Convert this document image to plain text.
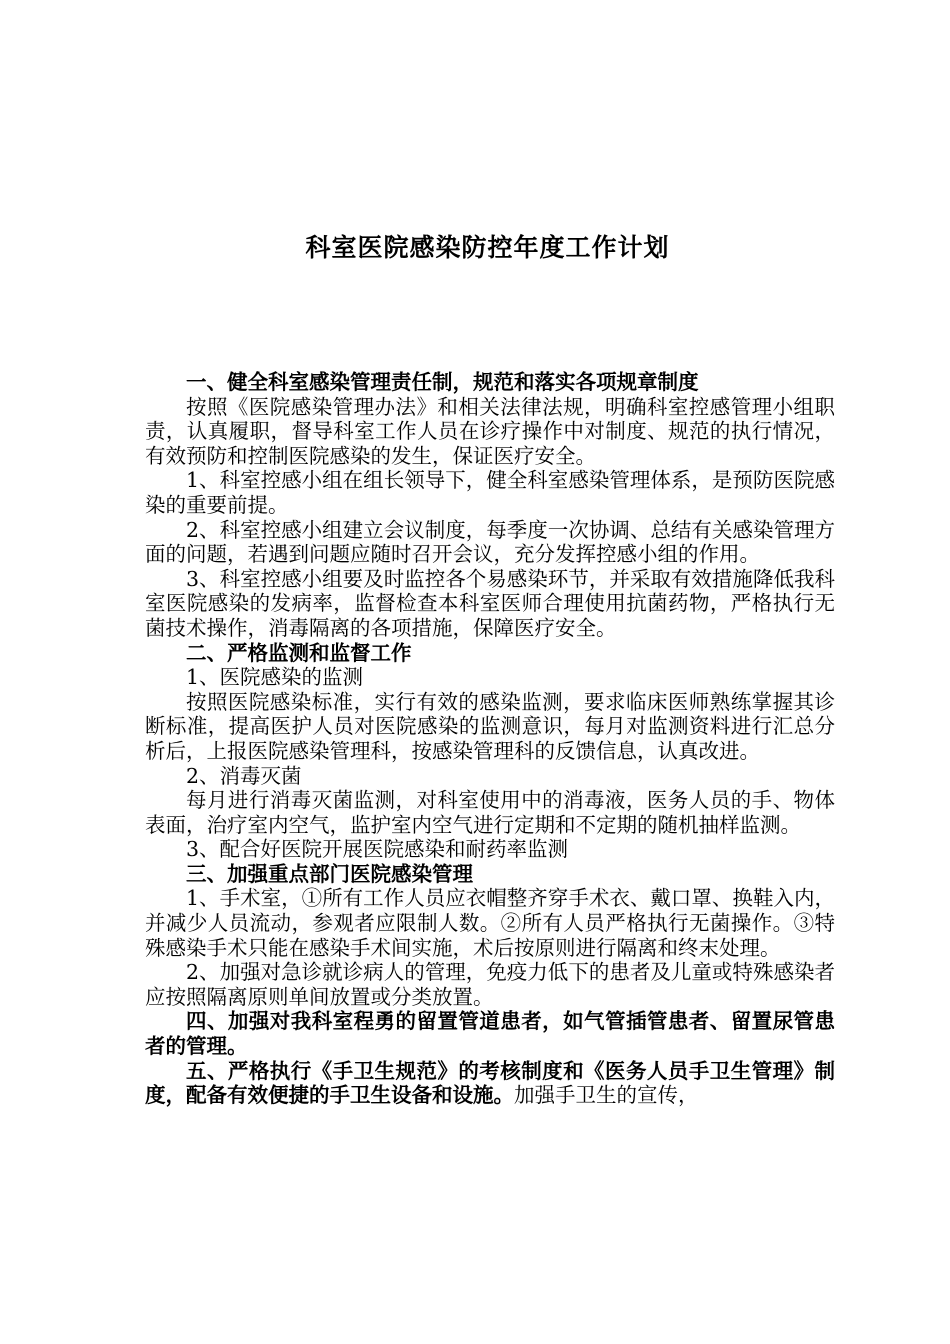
科室医院感染防控年度工作计划

一、健全科室感染管理责任制，规范和落实各项规章制度

按照《医院感染管理办法》和相关法律法规，明确科室控感管理小组职责，认真履职，督导科室工作人员在诊疗操作中对制度、规范的执行情况，有效预防和控制医院感染的发生，保证医疗安全。

1、科室控感小组在组长领导下，健全科室感染管理体系，是预防医院感染的重要前提。

2、科室控感小组建立会议制度，每季度一次协调、总结有关感染管理方面的问题，若遇到问题应随时召开会议，充分发挥控感小组的作用。

3、科室控感小组要及时监控各个易感染环节，并采取有效措施降低我科室医院感染的发病率，监督检查本科室医师合理使用抗菌药物，严格执行无菌技术操作，消毒隔离的各项措施，保障医疗安全。

二、严格监测和监督工作

1、医院感染的监测

按照医院感染标准，实行有效的感染监测，要求临床医师熟练掌握其诊断标准，提高医护人员对医院感染的监测意识，每月对监测资料进行汇总分析后，上报医院感染管理科，按感染管理科的反馈信息，认真改进。

2、消毒灭菌

每月进行消毒灭菌监测，对科室使用中的消毒液，医务人员的手、物体表面，治疗室内空气，监护室内空气进行定期和不定期的随机抽样监测。

3、配合好医院开展医院感染和耐药率监测

三、加强重点部门医院感染管理

1、手术室，①所有工作人员应衣帽整齐穿手术衣、戴口罩、换鞋入内，并减少人员流动，参观者应限制人数。②所有人员严格执行无菌操作。③特殊感染手术只能在感染手术间实施，术后按原则进行隔离和终末处理。

2、加强对急诊就诊病人的管理，免疫力低下的患者及儿童或特殊感染者应按照隔离原则单间放置或分类放置。

四、加强对我科室程勇的留置管道患者，如气管插管患者、留置尿管患者的管理。

五、严格执行《手卫生规范》的考核制度和《医务人员手卫生管理》制度，配备有效便捷的手卫生设备和设施。加强手卫生的宣传，
